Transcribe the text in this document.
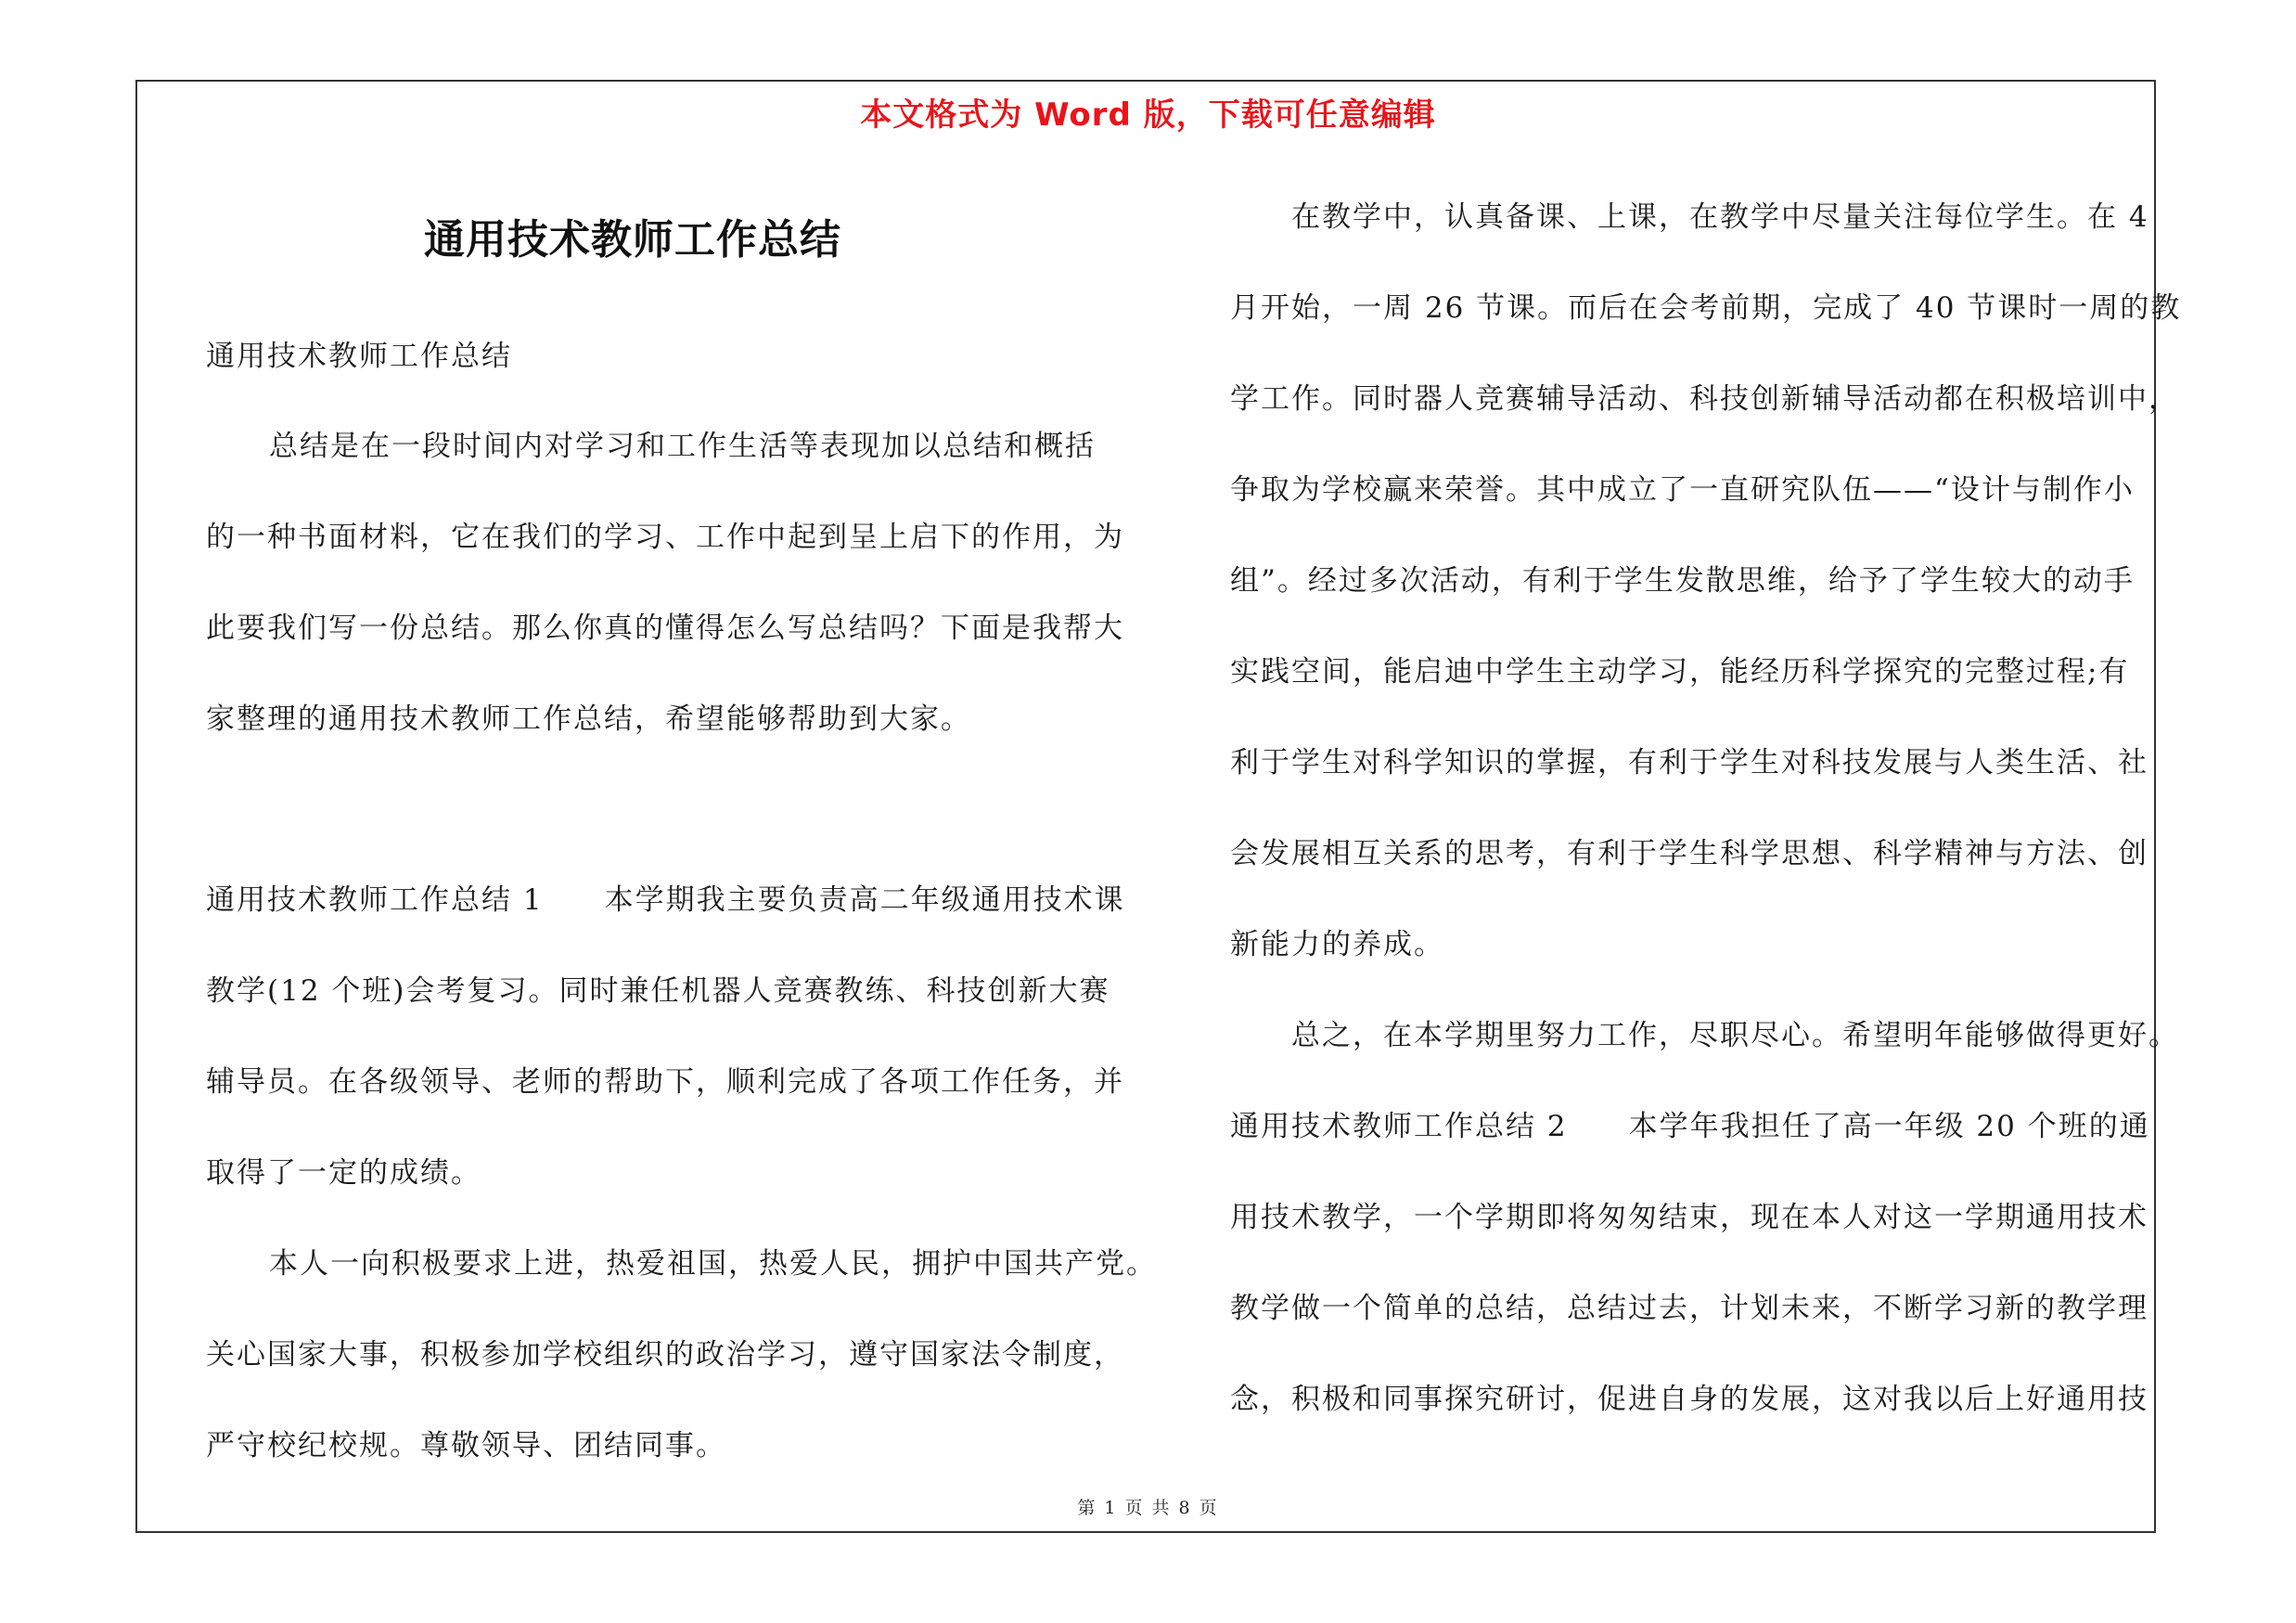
本文格式为 Word 版，下载可任意编辑
通用技术教师工作总结
通用技术教师工作总结
总结是在一段时间内对学习和工作生活等表现加以总结和概括
的一种书面材料，它在我们的学习、工作中起到呈上启下的作用，为
此要我们写一份总结。那么你真的懂得怎么写总结吗？下面是我帮大
家整理的通用技术教师工作总结，希望能够帮助到大家。
通用技术教师工作总结 1　　本学期我主要负责高二年级通用技术课
教学(12 个班)会考复习。同时兼任机器人竞赛教练、科技创新大赛
辅导员。在各级领导、老师的帮助下，顺利完成了各项工作任务，并
取得了一定的成绩。
本人一向积极要求上进，热爱祖国，热爱人民，拥护中国共产党。
关心国家大事，积极参加学校组织的政治学习，遵守国家法令制度，
严守校纪校规。尊敬领导、团结同事。
在教学中，认真备课、上课，在教学中尽量关注每位学生。在 4
月开始，一周 26 节课。而后在会考前期，完成了 40 节课时一周的教
学工作。同时器人竞赛辅导活动、科技创新辅导活动都在积极培训中，
争取为学校赢来荣誉。其中成立了一直研究队伍——“设计与制作小
组”。经过多次活动，有利于学生发散思维，给予了学生较大的动手
实践空间，能启迪中学生主动学习，能经历科学探究的完整过程;有
利于学生对科学知识的掌握，有利于学生对科技发展与人类生活、社
会发展相互关系的思考，有利于学生科学思想、科学精神与方法、创
新能力的养成。
总之，在本学期里努力工作，尽职尽心。希望明年能够做得更好。
通用技术教师工作总结 2　　本学年我担任了高一年级 20 个班的通
用技术教学，一个学期即将匆匆结束，现在本人对这一学期通用技术
教学做一个简单的总结，总结过去，计划未来，不断学习新的教学理
念，积极和同事探究研讨，促进自身的发展，这对我以后上好通用技
第 1 页 共 8 页
